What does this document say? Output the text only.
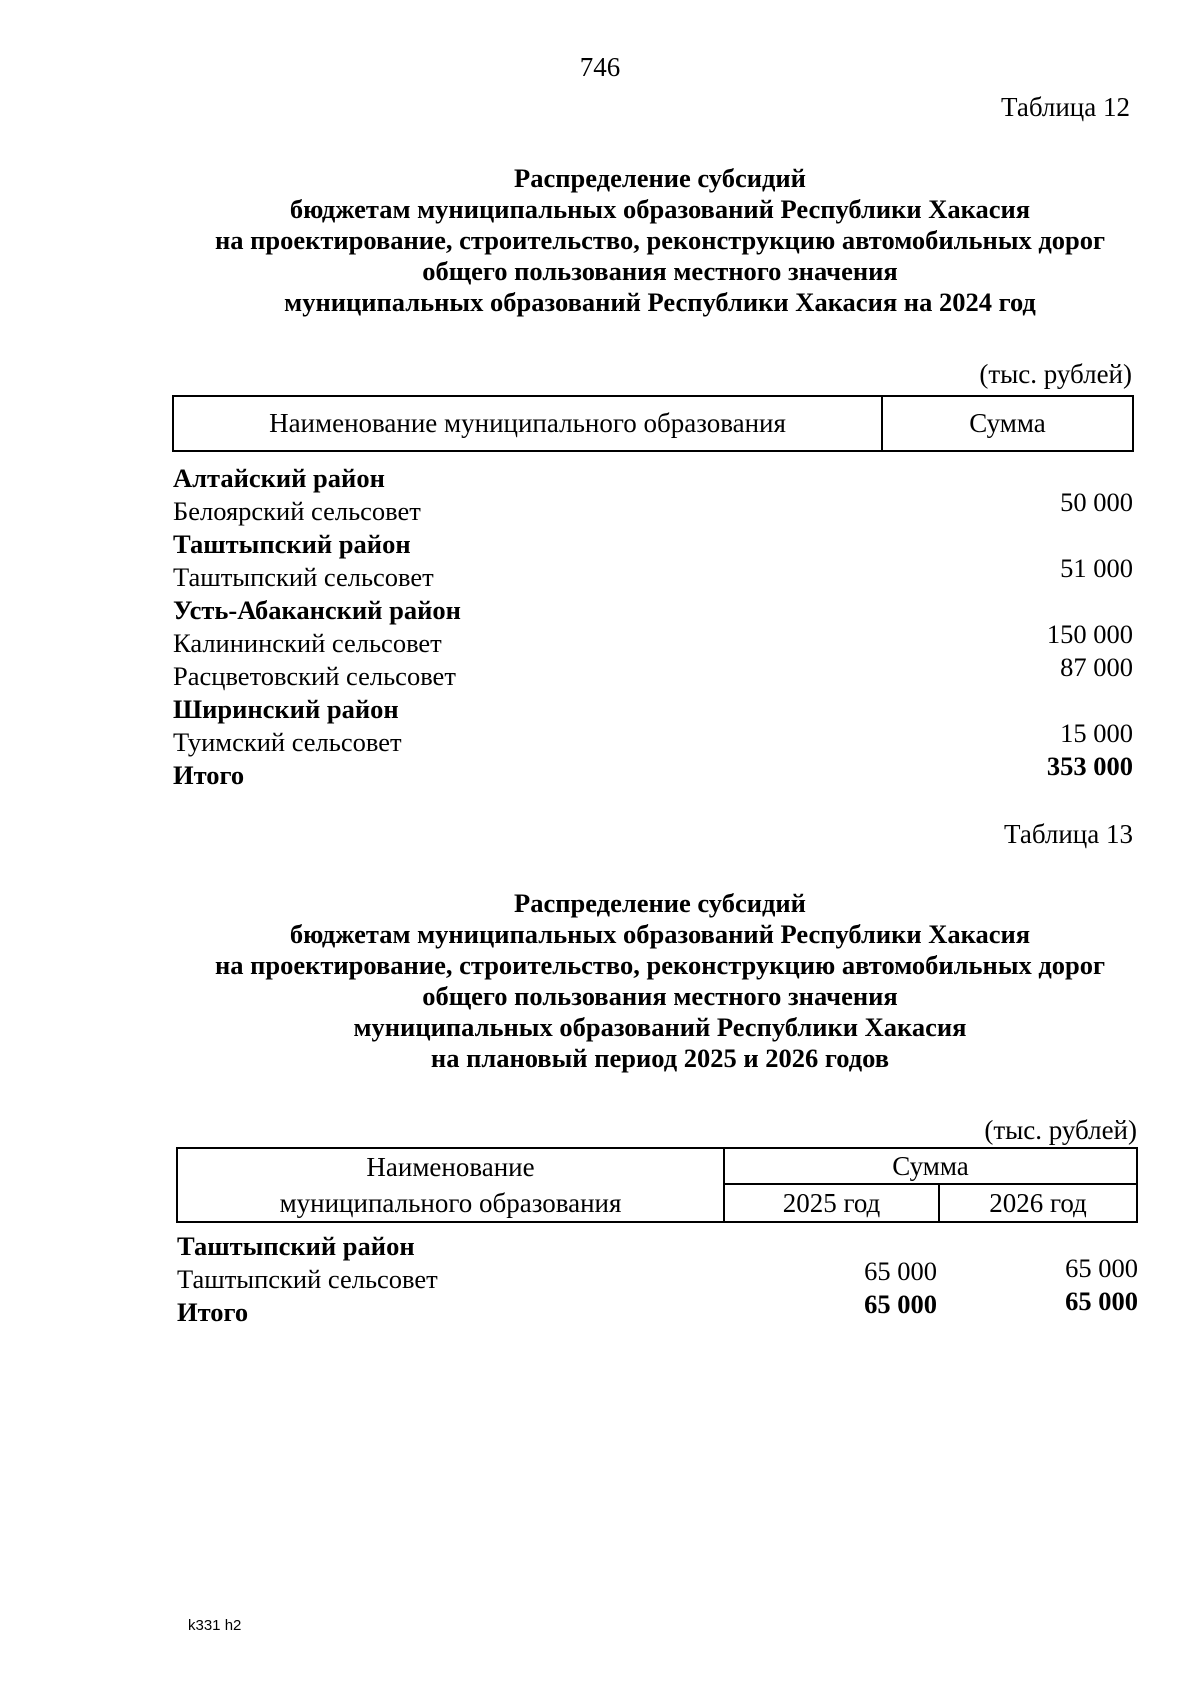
746
Таблица 12
Распределение субсидий
бюджетам муниципальных образований Республики Хакасия
на проектирование, строительство, реконструкцию автомобильных дорог
общего пользования местного значения
муниципальных образований Республики Хакасия на 2024 год
(тыс. рублей)
Наименование муниципального образования	Сумма
Алтайский район
Белоярский сельсовет	50 000
Таштыпский район
Таштыпский сельсовет	51 000
Усть-Абаканский район
Калининский сельсовет	150 000
Расцветовский сельсовет	87 000
Ширинский район
Туимский сельсовет	15 000
Итого	353 000
Таблица 13
Распределение субсидий
бюджетам муниципальных образований Республики Хакасия
на проектирование, строительство, реконструкцию автомобильных дорог
общего пользования местного значения
муниципальных образований Республики Хакасия
на плановый период 2025 и 2026 годов
(тыс. рублей)
Наименование
муниципального образования	Сумма	
	2025 год	2026 год
Таштыпский район
Таштыпский сельсовет	65 000	65 000
Итого	65 000	65 000
k331 h2
